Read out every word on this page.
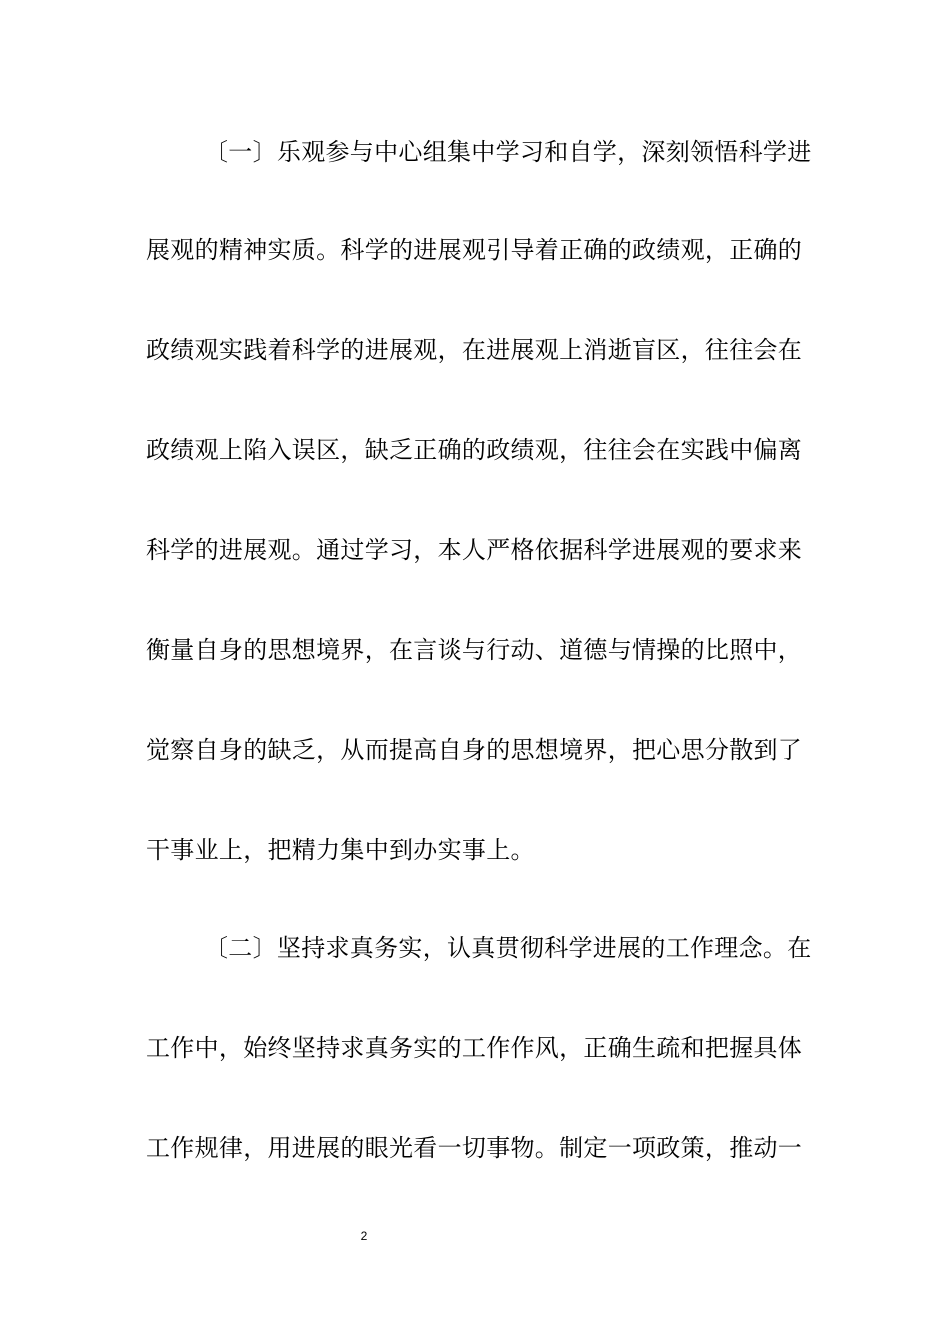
〔一〕乐观参与中心组集中学习和自学，深刻领悟科学进
展观的精神实质。科学的进展观引导着正确的政绩观，正确的
政绩观实践着科学的进展观，在进展观上消逝盲区，往往会在
政绩观上陷入误区，缺乏正确的政绩观，往往会在实践中偏离
科学的进展观。通过学习，本人严格依据科学进展观的要求来
衡量自身的思想境界，在言谈与行动、道德与情操的比照中，
觉察自身的缺乏，从而提高自身的思想境界，把心思分散到了
干事业上，把精力集中到办实事上。
〔二〕坚持求真务实，认真贯彻科学进展的工作理念。在
工作中，始终坚持求真务实的工作作风，正确生疏和把握具体
工作规律，用进展的眼光看一切事物。制定一项政策，推动一
2
